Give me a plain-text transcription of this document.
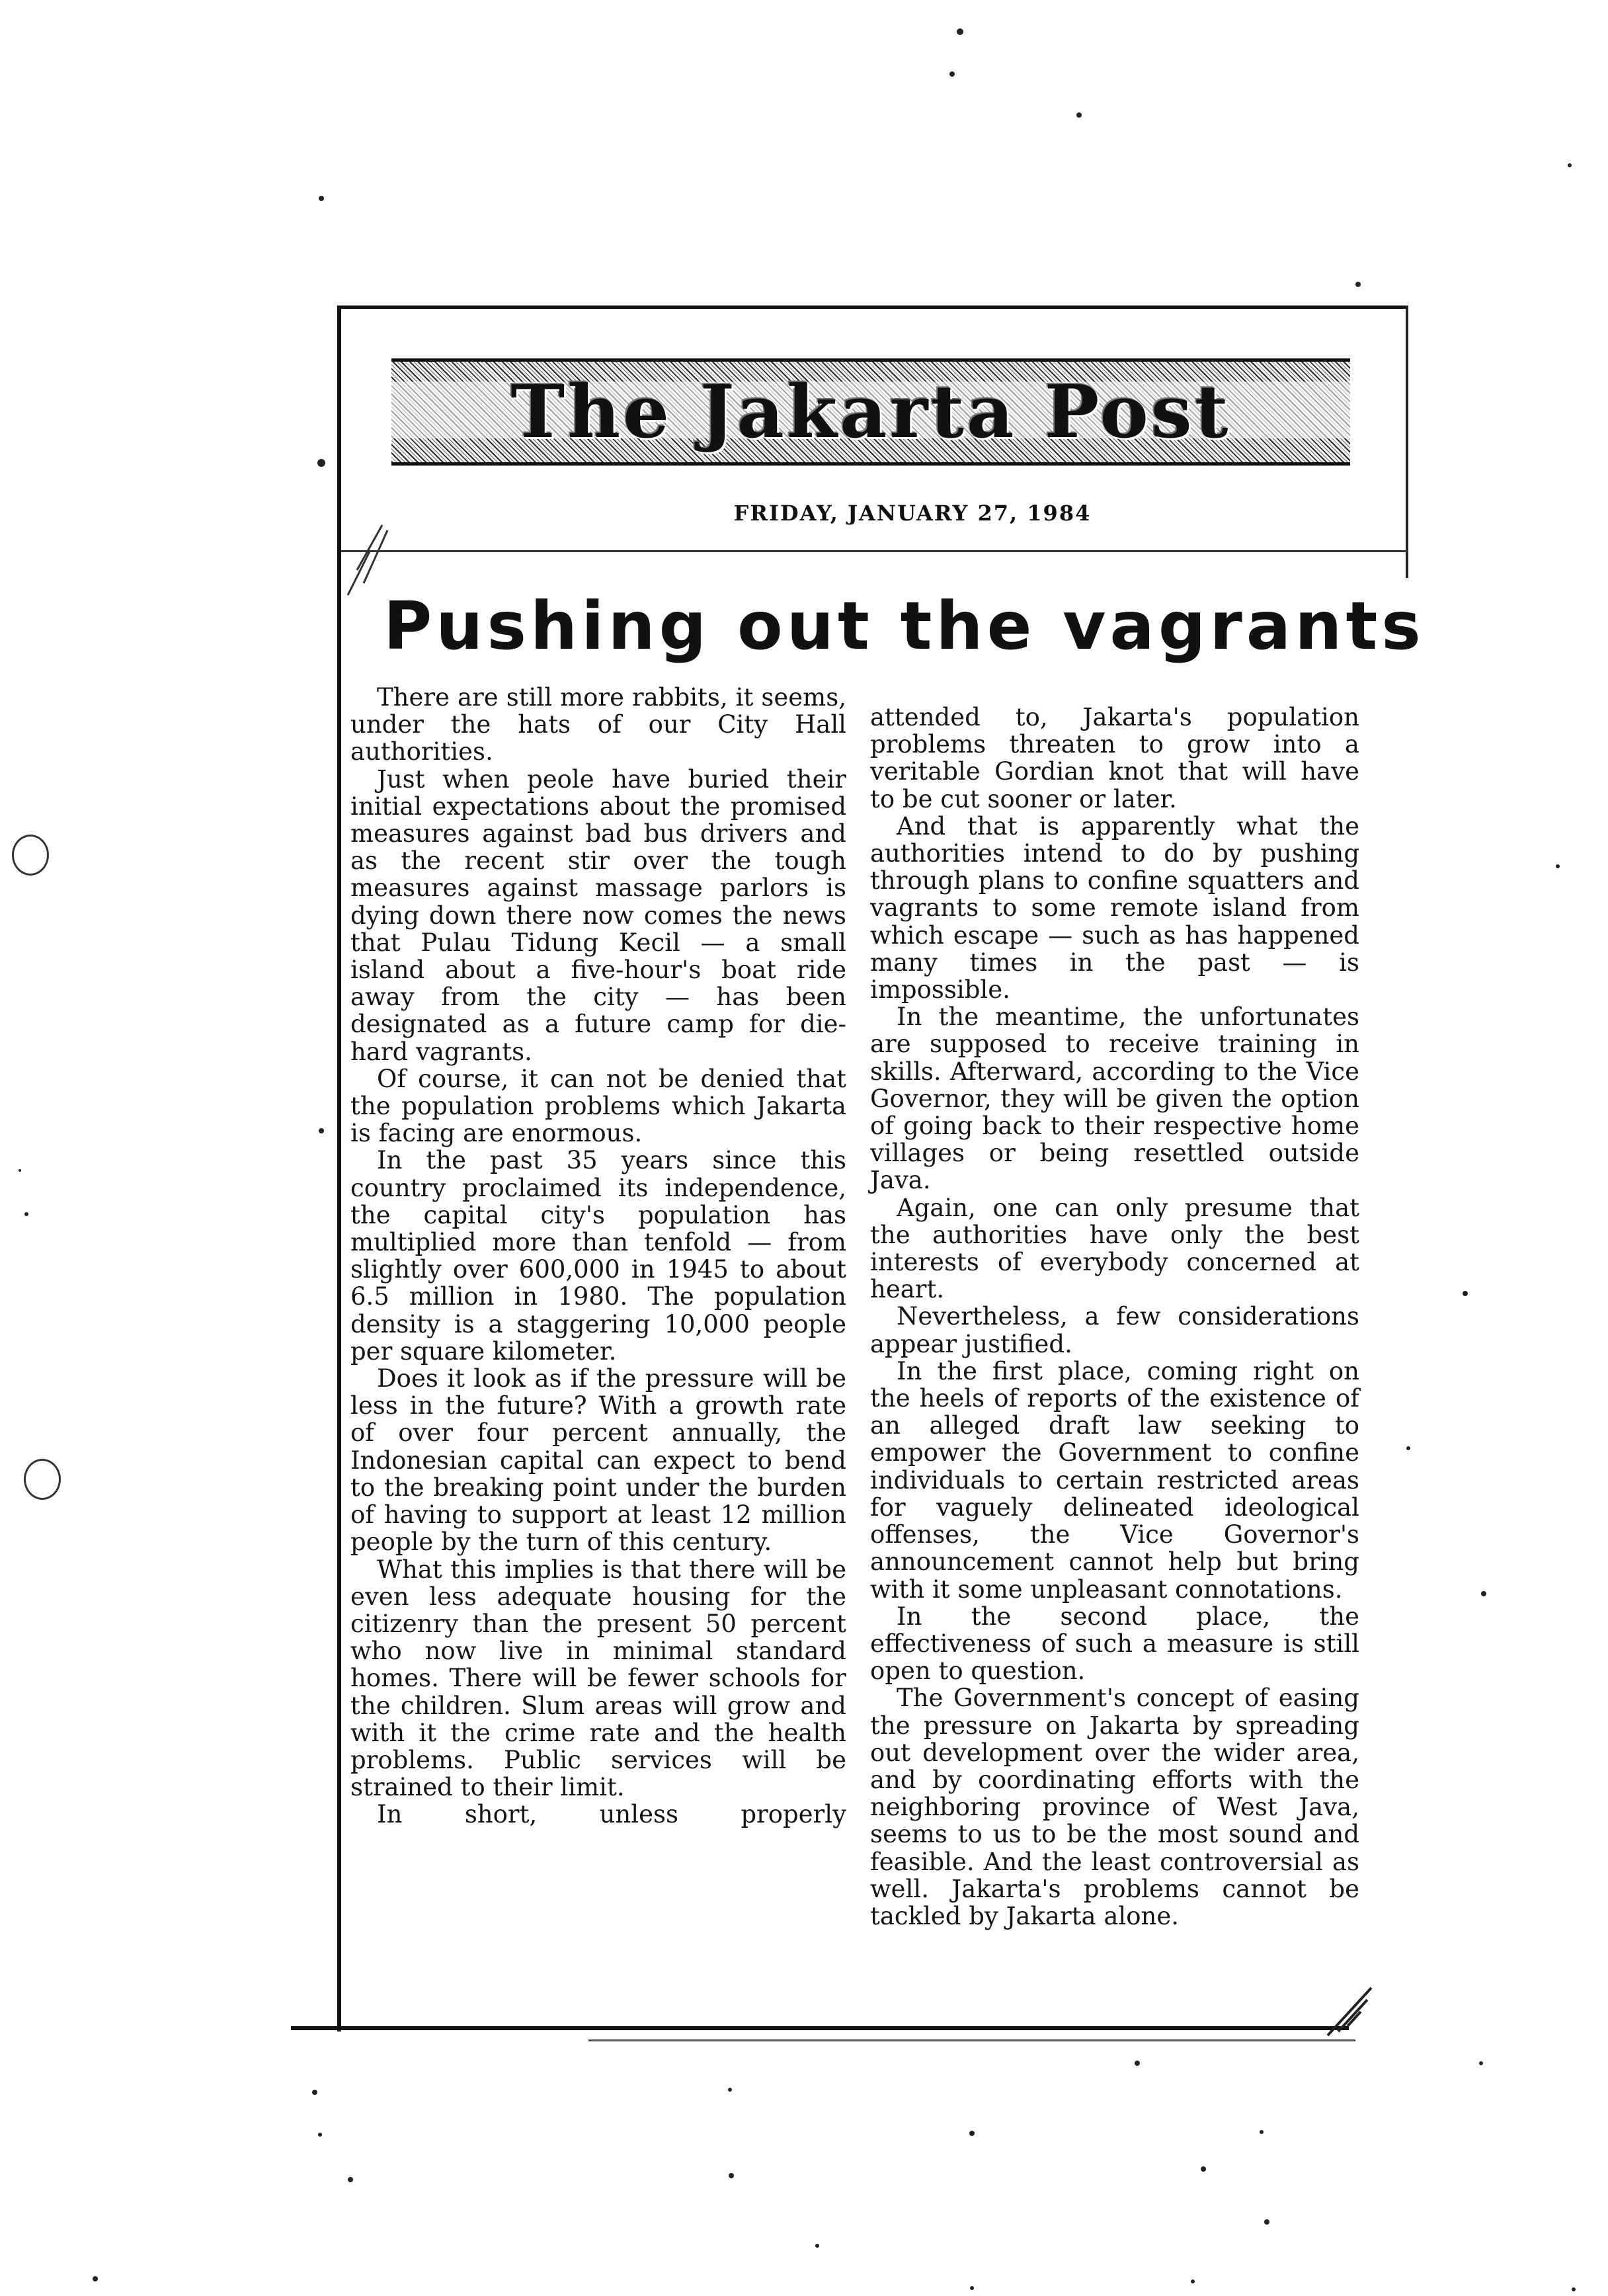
The Jakarta Post
FRIDAY, JANUARY 27, 1984
Pushing out the vagrants

There are still more rabbits, it seems, under the hats of our City Hall authorities.

Just when peole have buried their initial expectations about the promised measures against bad bus drivers and as the recent stir over the tough measures against massage parlors is dying down there now comes the news that Pulau Tidung Kecil — a small island about a five-hour's boat ride away from the city — has been designated as a future camp for die-hard vagrants.

Of course, it can not be denied that the population problems which Jakarta is facing are enormous.

In the past 35 years since this country proclaimed its independence, the capital city's population has multiplied more than tenfold — from slightly over 600,000 in 1945 to about 6.5 million in 1980. The population density is a staggering 10,000 people per square kilometer.

Does it look as if the pressure will be less in the future? With a growth rate of over four percent annually, the Indonesian capital can expect to bend to the breaking point under the burden of having to support at least 12 million people by the turn of this century.

What this implies is that there will be even less adequate housing for the citizenry than the present 50 percent who now live in minimal standard homes. There will be fewer schools for the children. Slum areas will grow and with it the crime rate and the health problems. Public services will be strained to their limit.

In short, unless properly

attended to, Jakarta's population problems threaten to grow into a veritable Gordian knot that will have to be cut sooner or later.

And that is apparently what the authorities intend to do by pushing through plans to confine squatters and vagrants to some remote island from which escape — such as has happened many times in the past — is impossible.

In the meantime, the unfortunates are supposed to receive training in skills. Afterward, according to the Vice Governor, they will be given the option of going back to their respective home villages or being resettled outside Java.

Again, one can only presume that the authorities have only the best interests of everybody concerned at heart.

Nevertheless, a few considerations appear justified.

In the first place, coming right on the heels of reports of the existence of an alleged draft law seeking to empower the Government to confine individuals to certain restricted areas for vaguely delineated ideological offenses, the Vice Governor's announcement cannot help but bring with it some unpleasant connotations.

In the second place, the effectiveness of such a measure is still open to question.

The Government's concept of easing the pressure on Jakarta by spreading out development over the wider area, and by coordinating efforts with the neighboring province of West Java, seems to us to be the most sound and feasible. And the least controversial as well. Jakarta's problems cannot be tackled by Jakarta alone.
